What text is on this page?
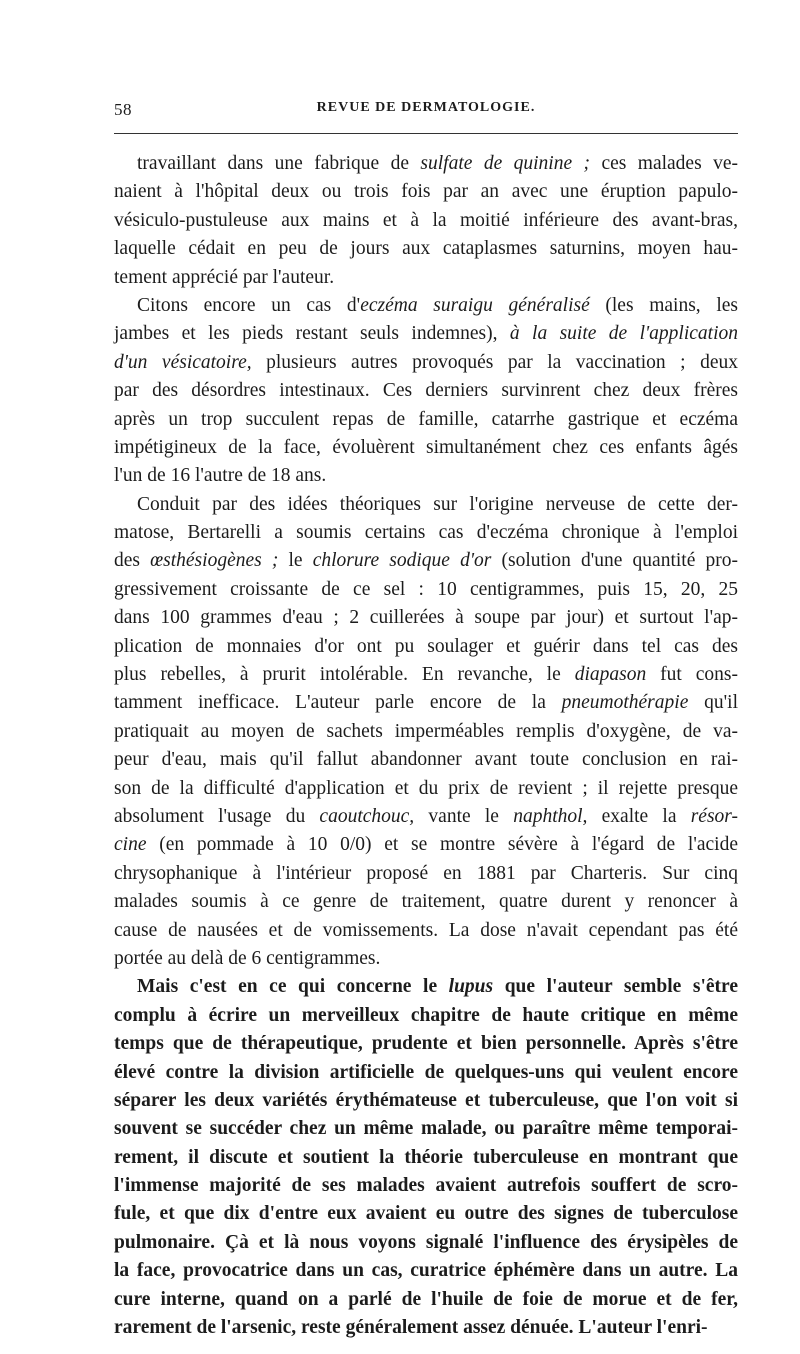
58	REVUE DE DERMATOLOGIE.
travaillant dans une fabrique de sulfate de quinine ; ces malades ve-
naient à l'hôpital deux ou trois fois par an avec une éruption papulo-
vésiculo-pustuleuse aux mains et à la moitié inférieure des avant-bras,
laquelle cédait en peu de jours aux cataplasmes saturnins, moyen hau-
tement apprécié par l'auteur.
Citons encore un cas d'eczéma suraigu généralisé (les mains, les
jambes et les pieds restant seuls indemnes), à la suite de l'application
d'un vésicatoire, plusieurs autres provoqués par la vaccination ; deux
par des désordres intestinaux. Ces derniers survinrent chez deux frères
après un trop succulent repas de famille, catarrhe gastrique et eczéma
impétigineux de la face, évoluèrent simultanément chez ces enfants âgés
l'un de 16 l'autre de 18 ans.
Conduit par des idées théoriques sur l'origine nerveuse de cette der-
matose, Bertarelli a soumis certains cas d'eczéma chronique à l'emploi
des œsthésiogènes ; le chlorure sodique d'or (solution d'une quantité pro-
gressivement croissante de ce sel : 10 centigrammes, puis 15, 20, 25
dans 100 grammes d'eau ; 2 cuillerées à soupe par jour) et surtout l'ap-
plication de monnaies d'or ont pu soulager et guérir dans tel cas des
plus rebelles, à prurit intolérable. En revanche, le diapason fut cons-
tamment inefficace. L'auteur parle encore de la pneumothérapie qu'il
pratiquait au moyen de sachets imperméables remplis d'oxygène, de va-
peur d'eau, mais qu'il fallut abandonner avant toute conclusion en rai-
son de la difficulté d'application et du prix de revient ; il rejette presque
absolument l'usage du caoutchouc, vante le naphthol, exalte la résor-
cine (en pommade à 10 0/0) et se montre sévère à l'égard de l'acide
chrysophanique à l'intérieur proposé en 1881 par Charteris. Sur cinq
malades soumis à ce genre de traitement, quatre durent y renoncer à
cause de nausées et de vomissements. La dose n'avait cependant pas été
portée au delà de 6 centigrammes.
Mais c'est en ce qui concerne le lupus que l'auteur semble s'être
complu à écrire un merveilleux chapitre de haute critique en même
temps que de thérapeutique, prudente et bien personnelle. Après s'être
élevé contre la division artificielle de quelques-uns qui veulent encore
séparer les deux variétés érythémateuse et tuberculeuse, que l'on voit si
souvent se succéder chez un même malade, ou paraître même temporai-
rement, il discute et soutient la théorie tuberculeuse en montrant que
l'immense majorité de ses malades avaient autrefois souffert de scro-
fule, et que dix d'entre eux avaient eu outre des signes de tuberculose
pulmonaire. Çà et là nous voyons signalé l'influence des érysipèles de
la face, provocatrice dans un cas, curatrice éphémère dans un autre. La
cure interne, quand on a parlé de l'huile de foie de morue et de fer,
rarement de l'arsenic, reste généralement assez dénuée. L'auteur l'enri-
